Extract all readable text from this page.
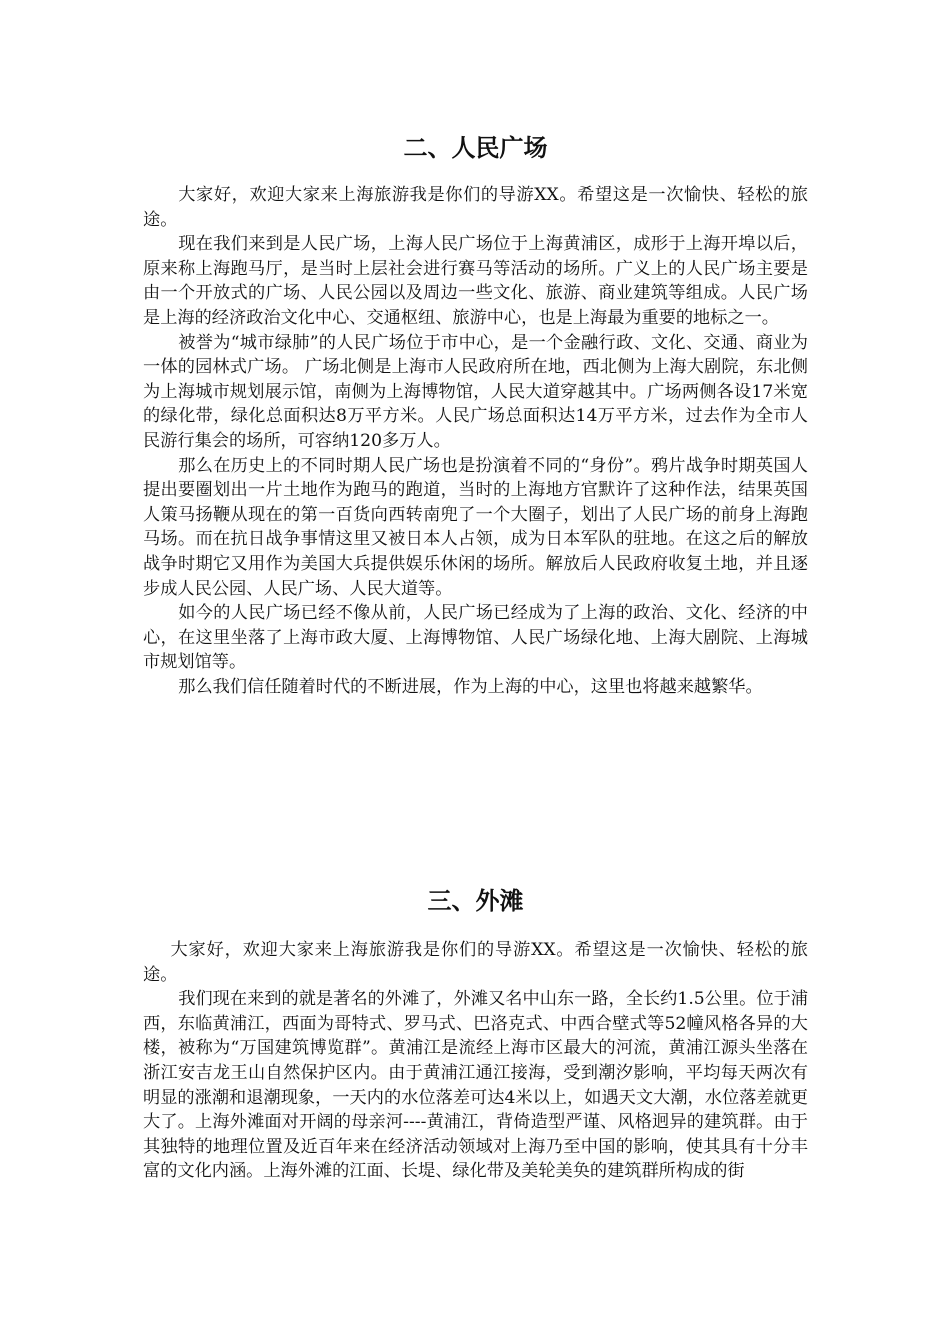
二、人民广场

大家好，欢迎大家来上海旅游我是你们的导游XX。希望这是一次愉快、轻松的旅途。

现在我们来到是人民广场，上海人民广场位于上海黄浦区，成形于上海开埠以后，原来称上海跑马厅，是当时上层社会进行赛马等活动的场所。广义上的人民广场主要是由一个开放式的广场、人民公园以及周边一些文化、旅游、商业建筑等组成。人民广场是上海的经济政治文化中心、交通枢纽、旅游中心，也是上海最为重要的地标之一。

被誉为“城市绿肺”的人民广场位于市中心，是一个金融行政、文化、交通、商业为一体的园林式广场。 广场北侧是上海市人民政府所在地，西北侧为上海大剧院，东北侧为上海城市规划展示馆，南侧为上海博物馆，人民大道穿越其中。广场两侧各设17米宽的绿化带，绿化总面积达8万平方米。人民广场总面积达14万平方米，过去作为全市人民游行集会的场所，可容纳120多万人。

那么在历史上的不同时期人民广场也是扮演着不同的“身份”。鸦片战争时期英国人提出要圈划出一片土地作为跑马的跑道，当时的上海地方官默许了这种作法，结果英国人策马扬鞭从现在的第一百货向西转南兜了一个大圈子，划出了人民广场的前身上海跑马场。而在抗日战争事情这里又被日本人占领，成为日本军队的驻地。在这之后的解放战争时期它又用作为美国大兵提供娱乐休闲的场所。解放后人民政府收复土地，并且逐步成人民公园、人民广场、人民大道等。

如今的人民广场已经不像从前，人民广场已经成为了上海的政治、文化、经济的中心，在这里坐落了上海市政大厦、上海博物馆、人民广场绿化地、上海大剧院、上海城市规划馆等。

那么我们信任随着时代的不断进展，作为上海的中心，这里也将越来越繁华。

三、外滩

大家好，欢迎大家来上海旅游我是你们的导游XX。希望这是一次愉快、轻松的旅途。

我们现在来到的就是著名的外滩了，外滩又名中山东一路，全长约1.5公里。位于浦西，东临黄浦江，西面为哥特式、罗马式、巴洛克式、中西合壁式等52幢风格各异的大楼，被称为“万国建筑博览群”。黄浦江是流经上海市区最大的河流，黄浦江源头坐落在浙江安吉龙王山自然保护区内。由于黄浦江通江接海，受到潮汐影响，平均每天两次有明显的涨潮和退潮现象，一天内的水位落差可达4米以上，如遇天文大潮，水位落差就更大了。上海外滩面对开阔的母亲河----黄浦江，背倚造型严谨、风格迥异的建筑群。由于其独特的地理位置及近百年来在经济活动领域对上海乃至中国的影响，使其具有十分丰富的文化内涵。上海外滩的江面、长堤、绿化带及美轮美奂的建筑群所构成的街
